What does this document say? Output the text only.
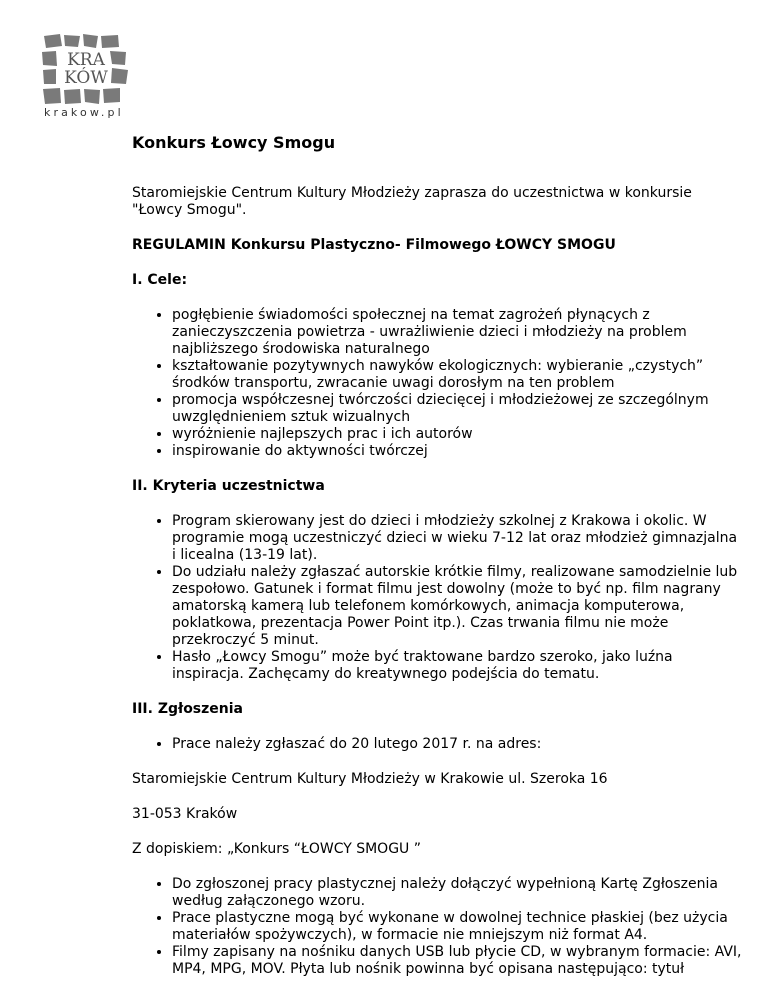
KRA
KÓW
krakow.pl
Konkurs Łowcy Smogu

Staromiejskie Centrum Kultury Młodzieży zaprasza do uczestnictwa w konkursie "Łowcy Smogu".

REGULAMIN Konkursu Plastyczno- Filmowego ŁOWCY SMOGU

I. Cele:

• pogłębienie świadomości społecznej na temat zagrożeń płynących z zanieczyszczenia powietrza - uwrażliwienie dzieci i młodzieży na problem najbliższego środowiska naturalnego
• kształtowanie pozytywnych nawyków ekologicznych: wybieranie „czystych” środków transportu, zwracanie uwagi dorosłym na ten problem
• promocja współczesnej twórczości dziecięcej i młodzieżowej ze szczególnym uwzględnieniem sztuk wizualnych
• wyróżnienie najlepszych prac i ich autorów
• inspirowanie do aktywności twórczej

II. Kryteria uczestnictwa

• Program skierowany jest do dzieci i młodzieży szkolnej z Krakowa i okolic. W programie mogą uczestniczyć dzieci w wieku 7-12 lat oraz młodzież gimnazjalna i licealna (13-19 lat).
• Do udziału należy zgłaszać autorskie krótkie filmy, realizowane samodzielnie lub zespołowo. Gatunek i format filmu jest dowolny (może to być np. film nagrany amatorską kamerą lub telefonem komórkowych, animacja komputerowa, poklatkowa, prezentacja Power Point itp.). Czas trwania filmu nie może przekroczyć 5 minut.
• Hasło „Łowcy Smogu” może być traktowane bardzo szeroko, jako luźna inspiracja. Zachęcamy do kreatywnego podejścia do tematu.

III. Zgłoszenia

• Prace należy zgłaszać do 20 lutego 2017 r. na adres:

Staromiejskie Centrum Kultury Młodzieży w Krakowie ul. Szeroka 16

31-053 Kraków

Z dopiskiem: „Konkurs “ŁOWCY SMOGU ”

• Do zgłoszonej pracy plastycznej należy dołączyć wypełnioną Kartę Zgłoszenia według załączonego wzoru.
• Prace plastyczne mogą być wykonane w dowolnej technice płaskiej (bez użycia materiałów spożywczych), w formacie nie mniejszym niż format A4.
• Filmy zapisany na nośniku danych USB lub płycie CD, w wybranym formacie: AVI, MP4, MPG, MOV. Płyta lub nośnik powinna być opisana następująco: tytuł
